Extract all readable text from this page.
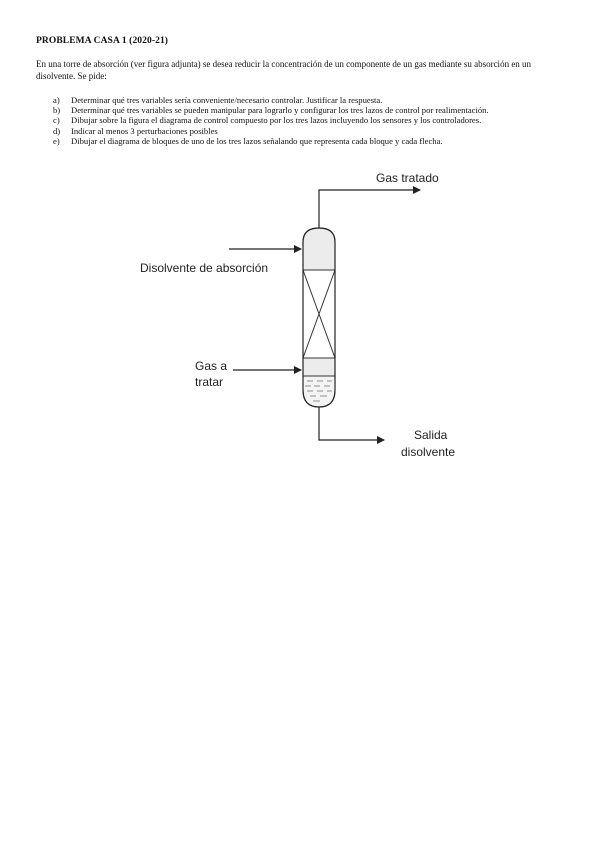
PROBLEMA CASA 1 (2020-21)
En una torre de absorción (ver figura adjunta) se desea reducir la concentración de un componente de un gas mediante su absorción en un disolvente. Se pide:
a)	Determinar qué tres variables sería conveniente/necesario controlar. Justificar la respuesta.
b)	Determinar qué tres variables se pueden manipular para lograrlo y configurar los tres lazos de control por realimentación.
c)	Dibujar sobre la figura el diagrama de control compuesto por los tres lazos incluyendo los sensores y los controladores.
d)	Indicar al menos 3 perturbaciones posibles
e)	Dibujar el diagrama de bloques de uno de los tres lazos señalando que representa cada bloque y cada flecha.
Gas tratado
Disolvente de absorción
Gas a
tratar
Salida
disolvente
